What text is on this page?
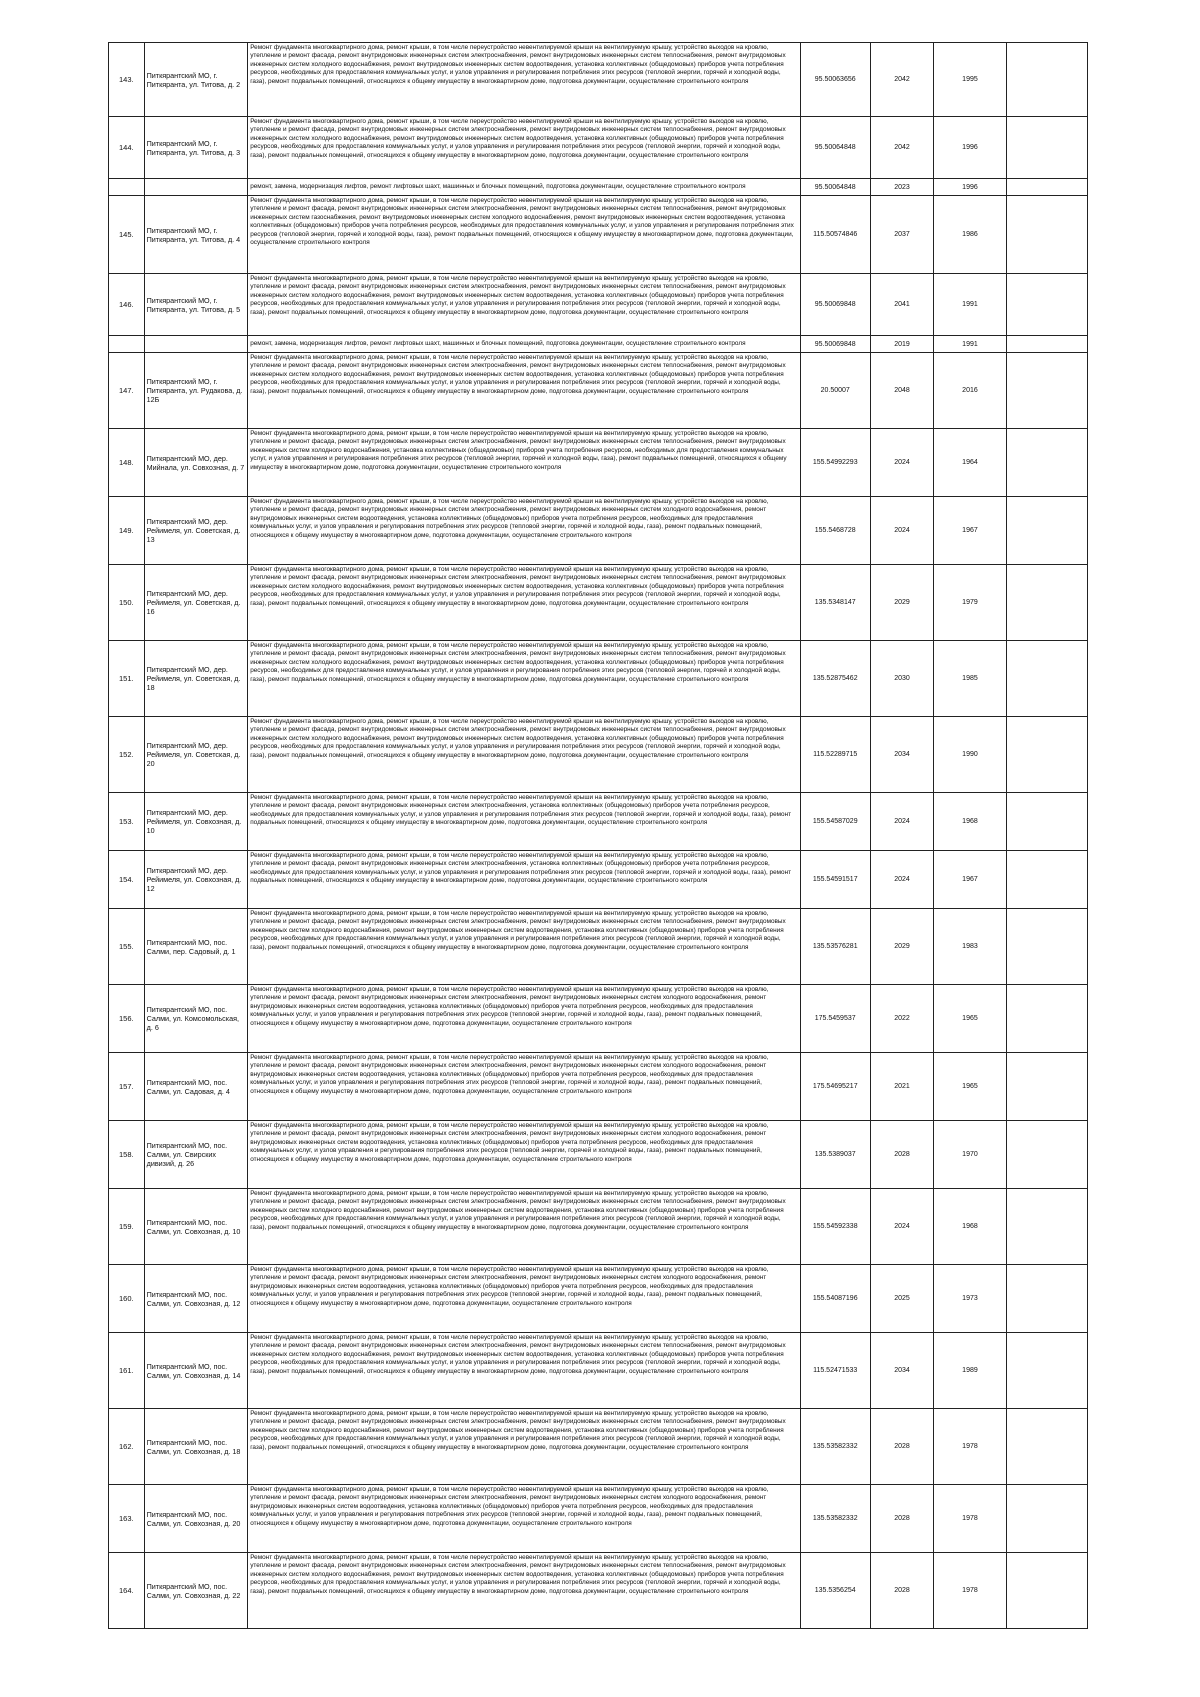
143.	Питкярантский МО, г. Питкяранта, ул. Титова, д. 2	Ремонт фундамента многоквартирного дома, ремонт крыши, в том числе переустройство невентилируемой крыши на вентилируемую крышу, устройство выходов на кровлю, утепление и ремонт фасада, ремонт внутридомовых инженерных систем электроснабжения, ремонт внутридомовых инженерных систем теплоснабжения, ремонт внутридомовых инженерных систем холодного водоснабжения, ремонт внутридомовых инженерных систем водоотведения, установка коллективных (общедомовых) приборов учета потребления ресурсов, необходимых для предоставления коммунальных услуг, и узлов управления и регулирования потребления этих ресурсов (тепловой энергии, горячей и холодной воды, газа), ремонт подвальных помещений, относящихся к общему имуществу в многоквартирном доме, подготовка документации, осуществление строительного контроля	95.50063656	2042	1995	
144.	Питкярантский МО, г. Питкяранта, ул. Титова, д. 3	Ремонт фундамента многоквартирного дома, ремонт крыши, в том числе переустройство невентилируемой крыши на вентилируемую крышу, устройство выходов на кровлю, утепление и ремонт фасада, ремонт внутридомовых инженерных систем электроснабжения, ремонт внутридомовых инженерных систем теплоснабжения, ремонт внутридомовых инженерных систем холодного водоснабжения, ремонт внутридомовых инженерных систем водоотведения, установка коллективных (общедомовых) приборов учета потребления ресурсов, необходимых для предоставления коммунальных услуг, и узлов управления и регулирования потребления этих ресурсов (тепловой энергии, горячей и холодной воды, газа), ремонт подвальных помещений, относящихся к общему имуществу в многоквартирном доме, подготовка документации, осуществление строительного контроля	95.50064848	2042	1996	
		ремонт, замена, модернизация лифтов, ремонт лифтовых шахт, машинных и блочных помещений, подготовка документации, осуществление строительного контроля	95.50064848	2023	1996	
145.	Питкярантский МО, г. Питкяранта, ул. Титова, д. 4	Ремонт фундамента многоквартирного дома, ремонт крыши, в том числе переустройство невентилируемой крыши на вентилируемую крышу, устройство выходов на кровлю, утепление и ремонт фасада, ремонт внутридомовых инженерных систем электроснабжения, ремонт внутридомовых инженерных систем теплоснабжения, ремонт внутридомовых инженерных систем газоснабжения, ремонт внутридомовых инженерных систем холодного водоснабжения, ремонт внутридомовых инженерных систем водоотведения, установка коллективных (общедомовых) приборов учета потребления ресурсов, необходимых для предоставления коммунальных услуг, и узлов управления и регулирования потребления этих ресурсов (тепловой энергии, горячей и холодной воды, газа), ремонт подвальных помещений, относящихся к общему имуществу в многоквартирном доме, подготовка документации, осуществление строительного контроля	115.50574846	2037	1986	
146.	Питкярантский МО, г. Питкяранта, ул. Титова, д. 5	Ремонт фундамента многоквартирного дома, ремонт крыши, в том числе переустройство невентилируемой крыши на вентилируемую крышу, устройство выходов на кровлю, утепление и ремонт фасада, ремонт внутридомовых инженерных систем электроснабжения, ремонт внутридомовых инженерных систем теплоснабжения, ремонт внутридомовых инженерных систем холодного водоснабжения, ремонт внутридомовых инженерных систем водоотведения, установка коллективных (общедомовых) приборов учета потребления ресурсов, необходимых для предоставления коммунальных услуг, и узлов управления и регулирования потребления этих ресурсов (тепловой энергии, горячей и холодной воды, газа), ремонт подвальных помещений, относящихся к общему имуществу в многоквартирном доме, подготовка документации, осуществление строительного контроля	95.50069848	2041	1991	
		ремонт, замена, модернизация лифтов, ремонт лифтовых шахт, машинных и блочных помещений, подготовка документации, осуществление строительного контроля	95.50069848	2019	1991	
147.	Питкярантский МО, г. Питкяранта, ул. Рудакова, д. 12Б	Ремонт фундамента многоквартирного дома, ремонт крыши, в том числе переустройство невентилируемой крыши на вентилируемую крышу, устройство выходов на кровлю, утепление и ремонт фасада, ремонт внутридомовых инженерных систем электроснабжения, ремонт внутридомовых инженерных систем теплоснабжения, ремонт внутридомовых инженерных систем холодного водоснабжения, ремонт внутридомовых инженерных систем водоотведения, установка коллективных (общедомовых) приборов учета потребления ресурсов, необходимых для предоставления коммунальных услуг, и узлов управления и регулирования потребления этих ресурсов (тепловой энергии, горячей и холодной воды, газа), ремонт подвальных помещений, относящихся к общему имуществу в многоквартирном доме, подготовка документации, осуществление строительного контроля	20.50007	2048	2016	
148.	Питкярантский МО, дер. Мийнала, ул. Совхозная, д. 7	Ремонт фундамента многоквартирного дома, ремонт крыши, в том числе переустройство невентилируемой крыши на вентилируемую крышу, устройство выходов на кровлю, утепление и ремонт фасада, ремонт внутридомовых инженерных систем электроснабжения, ремонт внутридомовых инженерных систем теплоснабжения, ремонт внутридомовых инженерных систем холодного водоснабжения, установка коллективных (общедомовых) приборов учета потребления ресурсов, необходимых для предоставления коммунальных услуг, и узлов управления и регулирования потребления этих ресурсов (тепловой энергии, горячей и холодной воды, газа), ремонт подвальных помещений, относящихся к общему имуществу в многоквартирном доме, подготовка документации, осуществление строительного контроля	155.54992293	2024	1964	
149.	Питкярантский МО, дер. Рейимеля, ул. Советская, д. 13	Ремонт фундамента многоквартирного дома, ремонт крыши, в том числе переустройство невентилируемой крыши на вентилируемую крышу, устройство выходов на кровлю, утепление и ремонт фасада, ремонт внутридомовых инженерных систем электроснабжения, ремонт внутридомовых инженерных систем холодного водоснабжения, ремонт внутридомовых инженерных систем водоотведения, установка коллективных (общедомовых) приборов учета потребления ресурсов, необходимых для предоставления коммунальных услуг, и узлов управления и регулирования потребления этих ресурсов (тепловой энергии, горячей и холодной воды, газа), ремонт подвальных помещений, относящихся к общему имуществу в многоквартирном доме, подготовка документации, осуществление строительного контроля	155.5468728	2024	1967	
150.	Питкярантский МО, дер. Рейимеля, ул. Советская, д. 16	Ремонт фундамента многоквартирного дома, ремонт крыши, в том числе переустройство невентилируемой крыши на вентилируемую крышу, устройство выходов на кровлю, утепление и ремонт фасада, ремонт внутридомовых инженерных систем электроснабжения, ремонт внутридомовых инженерных систем теплоснабжения, ремонт внутридомовых инженерных систем холодного водоснабжения, ремонт внутридомовых инженерных систем водоотведения, установка коллективных (общедомовых) приборов учета потребления ресурсов, необходимых для предоставления коммунальных услуг, и узлов управления и регулирования потребления этих ресурсов (тепловой энергии, горячей и холодной воды, газа), ремонт подвальных помещений, относящихся к общему имуществу в многоквартирном доме, подготовка документации, осуществление строительного контроля	135.5348147	2029	1979	
151.	Питкярантский МО, дер. Рейимеля, ул. Советская, д. 18	Ремонт фундамента многоквартирного дома, ремонт крыши, в том числе переустройство невентилируемой крыши на вентилируемую крышу, устройство выходов на кровлю, утепление и ремонт фасада, ремонт внутридомовых инженерных систем электроснабжения, ремонт внутридомовых инженерных систем теплоснабжения, ремонт внутридомовых инженерных систем холодного водоснабжения, ремонт внутридомовых инженерных систем водоотведения, установка коллективных (общедомовых) приборов учета потребления ресурсов, необходимых для предоставления коммунальных услуг, и узлов управления и регулирования потребления этих ресурсов (тепловой энергии, горячей и холодной воды, газа), ремонт подвальных помещений, относящихся к общему имуществу в многоквартирном доме, подготовка документации, осуществление строительного контроля	135.52875462	2030	1985	
152.	Питкярантский МО, дер. Рейимеля, ул. Советская, д. 20	Ремонт фундамента многоквартирного дома, ремонт крыши, в том числе переустройство невентилируемой крыши на вентилируемую крышу, устройство выходов на кровлю, утепление и ремонт фасада, ремонт внутридомовых инженерных систем электроснабжения, ремонт внутридомовых инженерных систем теплоснабжения, ремонт внутридомовых инженерных систем холодного водоснабжения, ремонт внутридомовых инженерных систем водоотведения, установка коллективных (общедомовых) приборов учета потребления ресурсов, необходимых для предоставления коммунальных услуг, и узлов управления и регулирования потребления этих ресурсов (тепловой энергии, горячей и холодной воды, газа), ремонт подвальных помещений, относящихся к общему имуществу в многоквартирном доме, подготовка документации, осуществление строительного контроля	115.52289715	2034	1990	
153.	Питкярантский МО, дер. Рейимеля, ул. Совхозная, д. 10	Ремонт фундамента многоквартирного дома, ремонт крыши, в том числе переустройство невентилируемой крыши на вентилируемую крышу, устройство выходов на кровлю, утепление и ремонт фасада, ремонт внутридомовых инженерных систем электроснабжения, установка коллективных (общедомовых) приборов учета потребления ресурсов, необходимых для предоставления коммунальных услуг, и узлов управления и регулирования потребления этих ресурсов (тепловой энергии, горячей и холодной воды, газа), ремонт подвальных помещений, относящихся к общему имуществу в многоквартирном доме, подготовка документации, осуществление строительного контроля	155.54587029	2024	1968	
154.	Питкярантский МО, дер. Рейимеля, ул. Совхозная, д. 12	Ремонт фундамента многоквартирного дома, ремонт крыши, в том числе переустройство невентилируемой крыши на вентилируемую крышу, устройство выходов на кровлю, утепление и ремонт фасада, ремонт внутридомовых инженерных систем электроснабжения, установка коллективных (общедомовых) приборов учета потребления ресурсов, необходимых для предоставления коммунальных услуг, и узлов управления и регулирования потребления этих ресурсов (тепловой энергии, горячей и холодной воды, газа), ремонт подвальных помещений, относящихся к общему имуществу в многоквартирном доме, подготовка документации, осуществление строительного контроля	155.54591517	2024	1967	
155.	Питкярантский МО, пос. Салми, пер. Садовый, д. 1	Ремонт фундамента многоквартирного дома, ремонт крыши, в том числе переустройство невентилируемой крыши на вентилируемую крышу, устройство выходов на кровлю, утепление и ремонт фасада, ремонт внутридомовых инженерных систем электроснабжения, ремонт внутридомовых инженерных систем теплоснабжения, ремонт внутридомовых инженерных систем холодного водоснабжения, ремонт внутридомовых инженерных систем водоотведения, установка коллективных (общедомовых) приборов учета потребления ресурсов, необходимых для предоставления коммунальных услуг, и узлов управления и регулирования потребления этих ресурсов (тепловой энергии, горячей и холодной воды, газа), ремонт подвальных помещений, относящихся к общему имуществу в многоквартирном доме, подготовка документации, осуществление строительного контроля	135.53576281	2029	1983	
156.	Питкярантский МО, пос. Салми, ул. Комсомольская, д. 6	Ремонт фундамента многоквартирного дома, ремонт крыши, в том числе переустройство невентилируемой крыши на вентилируемую крышу, устройство выходов на кровлю, утепление и ремонт фасада, ремонт внутридомовых инженерных систем электроснабжения, ремонт внутридомовых инженерных систем холодного водоснабжения, ремонт внутридомовых инженерных систем водоотведения, установка коллективных (общедомовых) приборов учета потребления ресурсов, необходимых для предоставления коммунальных услуг, и узлов управления и регулирования потребления этих ресурсов (тепловой энергии, горячей и холодной воды, газа), ремонт подвальных помещений, относящихся к общему имуществу в многоквартирном доме, подготовка документации, осуществление строительного контроля	175.5459537	2022	1965	
157.	Питкярантский МО, пос. Салми, ул. Садовая, д. 4	Ремонт фундамента многоквартирного дома, ремонт крыши, в том числе переустройство невентилируемой крыши на вентилируемую крышу, устройство выходов на кровлю, утепление и ремонт фасада, ремонт внутридомовых инженерных систем электроснабжения, ремонт внутридомовых инженерных систем холодного водоснабжения, ремонт внутридомовых инженерных систем водоотведения, установка коллективных (общедомовых) приборов учета потребления ресурсов, необходимых для предоставления коммунальных услуг, и узлов управления и регулирования потребления этих ресурсов (тепловой энергии, горячей и холодной воды, газа), ремонт подвальных помещений, относящихся к общему имуществу в многоквартирном доме, подготовка документации, осуществление строительного контроля	175.54695217	2021	1965	
158.	Питкярантский МО, пос. Салми, ул. Свирских дивизий, д. 26	Ремонт фундамента многоквартирного дома, ремонт крыши, в том числе переустройство невентилируемой крыши на вентилируемую крышу, устройство выходов на кровлю, утепление и ремонт фасада, ремонт внутридомовых инженерных систем электроснабжения, ремонт внутридомовых инженерных систем холодного водоснабжения, ремонт внутридомовых инженерных систем водоотведения, установка коллективных (общедомовых) приборов учета потребления ресурсов, необходимых для предоставления коммунальных услуг, и узлов управления и регулирования потребления этих ресурсов (тепловой энергии, горячей и холодной воды, газа), ремонт подвальных помещений, относящихся к общему имуществу в многоквартирном доме, подготовка документации, осуществление строительного контроля	135.5389037	2028	1970	
159.	Питкярантский МО, пос. Салми, ул. Совхозная, д. 10	Ремонт фундамента многоквартирного дома, ремонт крыши, в том числе переустройство невентилируемой крыши на вентилируемую крышу, устройство выходов на кровлю, утепление и ремонт фасада, ремонт внутридомовых инженерных систем электроснабжения, ремонт внутридомовых инженерных систем теплоснабжения, ремонт внутридомовых инженерных систем холодного водоснабжения, ремонт внутридомовых инженерных систем водоотведения, установка коллективных (общедомовых) приборов учета потребления ресурсов, необходимых для предоставления коммунальных услуг, и узлов управления и регулирования потребления этих ресурсов (тепловой энергии, горячей и холодной воды, газа), ремонт подвальных помещений, относящихся к общему имуществу в многоквартирном доме, подготовка документации, осуществление строительного контроля	155.54592338	2024	1968	
160.	Питкярантский МО, пос. Салми, ул. Совхозная, д. 12	Ремонт фундамента многоквартирного дома, ремонт крыши, в том числе переустройство невентилируемой крыши на вентилируемую крышу, устройство выходов на кровлю, утепление и ремонт фасада, ремонт внутридомовых инженерных систем электроснабжения, ремонт внутридомовых инженерных систем холодного водоснабжения, ремонт внутридомовых инженерных систем водоотведения, установка коллективных (общедомовых) приборов учета потребления ресурсов, необходимых для предоставления коммунальных услуг, и узлов управления и регулирования потребления этих ресурсов (тепловой энергии, горячей и холодной воды, газа), ремонт подвальных помещений, относящихся к общему имуществу в многоквартирном доме, подготовка документации, осуществление строительного контроля	155.54087196	2025	1973	
161.	Питкярантский МО, пос. Салми, ул. Совхозная, д. 14	Ремонт фундамента многоквартирного дома, ремонт крыши, в том числе переустройство невентилируемой крыши на вентилируемую крышу, устройство выходов на кровлю, утепление и ремонт фасада, ремонт внутридомовых инженерных систем электроснабжения, ремонт внутридомовых инженерных систем теплоснабжения, ремонт внутридомовых инженерных систем холодного водоснабжения, ремонт внутридомовых инженерных систем водоотведения, установка коллективных (общедомовых) приборов учета потребления ресурсов, необходимых для предоставления коммунальных услуг, и узлов управления и регулирования потребления этих ресурсов (тепловой энергии, горячей и холодной воды, газа), ремонт подвальных помещений, относящихся к общему имуществу в многоквартирном доме, подготовка документации, осуществление строительного контроля	115.52471533	2034	1989	
162.	Питкярантский МО, пос. Салми, ул. Совхозная, д. 18	Ремонт фундамента многоквартирного дома, ремонт крыши, в том числе переустройство невентилируемой крыши на вентилируемую крышу, устройство выходов на кровлю, утепление и ремонт фасада, ремонт внутридомовых инженерных систем электроснабжения, ремонт внутридомовых инженерных систем теплоснабжения, ремонт внутридомовых инженерных систем холодного водоснабжения, ремонт внутридомовых инженерных систем водоотведения, установка коллективных (общедомовых) приборов учета потребления ресурсов, необходимых для предоставления коммунальных услуг, и узлов управления и регулирования потребления этих ресурсов (тепловой энергии, горячей и холодной воды, газа), ремонт подвальных помещений, относящихся к общему имуществу в многоквартирном доме, подготовка документации, осуществление строительного контроля	135.53582332	2028	1978	
163.	Питкярантский МО, пос. Салми, ул. Совхозная, д. 20	Ремонт фундамента многоквартирного дома, ремонт крыши, в том числе переустройство невентилируемой крыши на вентилируемую крышу, устройство выходов на кровлю, утепление и ремонт фасада, ремонт внутридомовых инженерных систем электроснабжения, ремонт внутридомовых инженерных систем холодного водоснабжения, ремонт внутридомовых инженерных систем водоотведения, установка коллективных (общедомовых) приборов учета потребления ресурсов, необходимых для предоставления коммунальных услуг, и узлов управления и регулирования потребления этих ресурсов (тепловой энергии, горячей и холодной воды, газа), ремонт подвальных помещений, относящихся к общему имуществу в многоквартирном доме, подготовка документации, осуществление строительного контроля	135.53582332	2028	1978	
164.	Питкярантский МО, пос. Салми, ул. Совхозная, д. 22	Ремонт фундамента многоквартирного дома, ремонт крыши, в том числе переустройство невентилируемой крыши на вентилируемую крышу, устройство выходов на кровлю, утепление и ремонт фасада, ремонт внутридомовых инженерных систем электроснабжения, ремонт внутридомовых инженерных систем теплоснабжения, ремонт внутридомовых инженерных систем холодного водоснабжения, ремонт внутридомовых инженерных систем водоотведения, установка коллективных (общедомовых) приборов учета потребления ресурсов, необходимых для предоставления коммунальных услуг, и узлов управления и регулирования потребления этих ресурсов (тепловой энергии, горячей и холодной воды, газа), ремонт подвальных помещений, относящихся к общему имуществу в многоквартирном доме, подготовка документации, осуществление строительного контроля	135.5356254	2028	1978	
